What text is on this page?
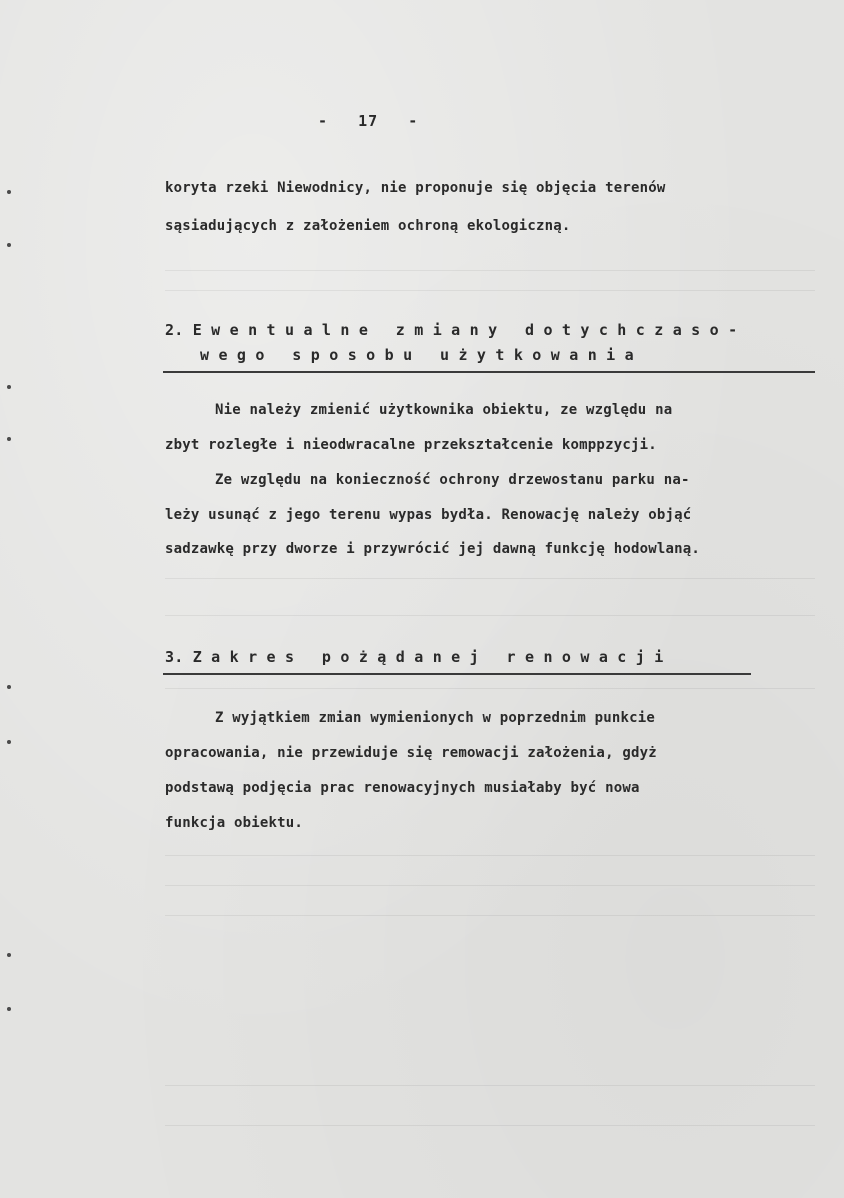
-   17   -
koryta rzeki Niewodnicy, nie proponuje się objęcia terenów
sąsiadujących z założeniem ochroną ekologiczną.
2. E w e n t u a l n e   z m i a n y   d o t y c h c z a s o -
w e g o   s p o s o b u   u ż y t k o w a n i a
Nie należy zmienić użytkownika obiektu, ze względu na
zbyt rozległe i nieodwracalne przekształcenie komppzycji.
Ze względu na konieczność ochrony drzewostanu parku na-
leży usunąć z jego terenu wypas bydła. Renowację należy objąć
sadzawkę przy dworze i przywrócić jej dawną funkcję hodowlaną.
3. Z a k r e s   p o ż ą d a n e j   r e n o w a c j i
Z wyjątkiem zmian wymienionych w poprzednim punkcie
opracowania, nie przewiduje się remowacji założenia, gdyż
podstawą podjęcia prac renowacyjnych musiałaby być nowa
funkcja obiektu.
